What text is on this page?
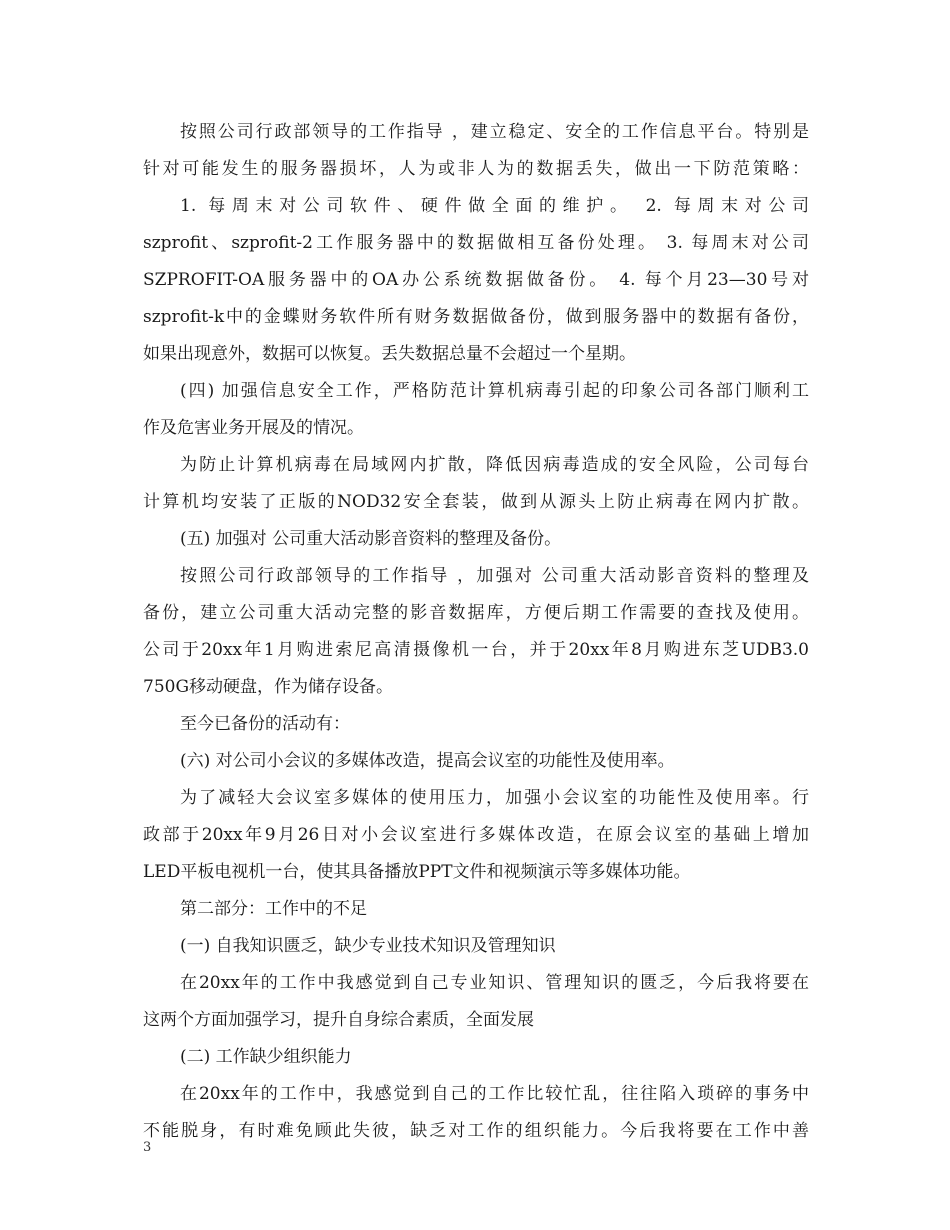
按照公司行政部领导的工作指导 ，建立稳定、安全的工作信息平台。特别是
针对可能发生的服务器损坏，人为或非人为的数据丢失，做出一下防范策略：
1. 每周末对公司软件、硬件做全面的维护。 2. 每周末对公司
szprofit、szprofit-2工作服务器中的数据做相互备份处理。 3. 每周末对公司
SZPROFIT-OA服务器中的OA办公系统数据做备份。 4. 每个月23—30号对
szprofit-k中的金蝶财务软件所有财务数据做备份，做到服务器中的数据有备份，
如果出现意外，数据可以恢复。丢失数据总量不会超过一个星期。
(四) 加强信息安全工作，严格防范计算机病毒引起的印象公司各部门顺利工
作及危害业务开展及的情况。
为防止计算机病毒在局域网内扩散，降低因病毒造成的安全风险，公司每台
计算机均安装了正版的NOD32安全套装，做到从源头上防止病毒在网内扩散。
(五) 加强对 公司重大活动影音资料的整理及备份。
按照公司行政部领导的工作指导 ，加强对 公司重大活动影音资料的整理及
备份，建立公司重大活动完整的影音数据库，方便后期工作需要的查找及使用。
公司于20xx年1月购进索尼高清摄像机一台，并于20xx年8月购进东芝UDB3.0
750G移动硬盘，作为储存设备。
至今已备份的活动有：
(六) 对公司小会议的多媒体改造，提高会议室的功能性及使用率。
为了减轻大会议室多媒体的使用压力，加强小会议室的功能性及使用率。行
政部于20xx年9月26日对小会议室进行多媒体改造，在原会议室的基础上增加
LED平板电视机一台，使其具备播放PPT文件和视频演示等多媒体功能。
第二部分：工作中的不足
(一) 自我知识匮乏，缺少专业技术知识及管理知识
在20xx年的工作中我感觉到自己专业知识、管理知识的匮乏，今后我将要在
这两个方面加强学习，提升自身综合素质，全面发展
(二) 工作缺少组织能力
在20xx年的工作中，我感觉到自己的工作比较忙乱，往往陷入琐碎的事务中
不能脱身，有时难免顾此失彼，缺乏对工作的组织能力。今后我将要在工作中善
3
